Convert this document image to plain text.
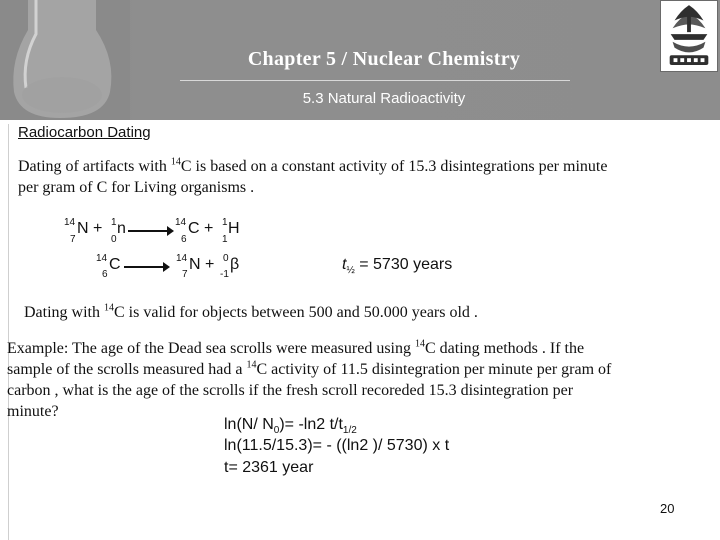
Chapter 5 / Nuclear Chemistry
5.3 Natural Radioactivity
Radiocarbon Dating
Dating of artifacts with $^{14}$C is based on a constant activity of 15.3 disintegrations per minute
per gram of C for Living organisms .
14
7
N + 1
0
n	14
6
C + 1
1
H
14
6
C	14
7
N + 0
-1
β	$t_{\frac{1}{2}} = 5730$ years
Dating with $^{14}$C is valid for objects between 500 and 50.000 years old .
Example: The age of the Dead sea scrolls were measured using $^{14}$C dating methods . If the
sample of the scrolls measured had a $^{14}$C activity of 11.5 disintegration per minute per gram of
carbon , what is the age of the scrolls if the fresh scroll recoreded 15.3 disintegration per
minute?
ln(N/ $N_0)= -\ln 2$ $t/t_{1/2}$
ln(11.5/15.3)= - ((ln2 )/ 5730) x t
t= 2361 year
20
